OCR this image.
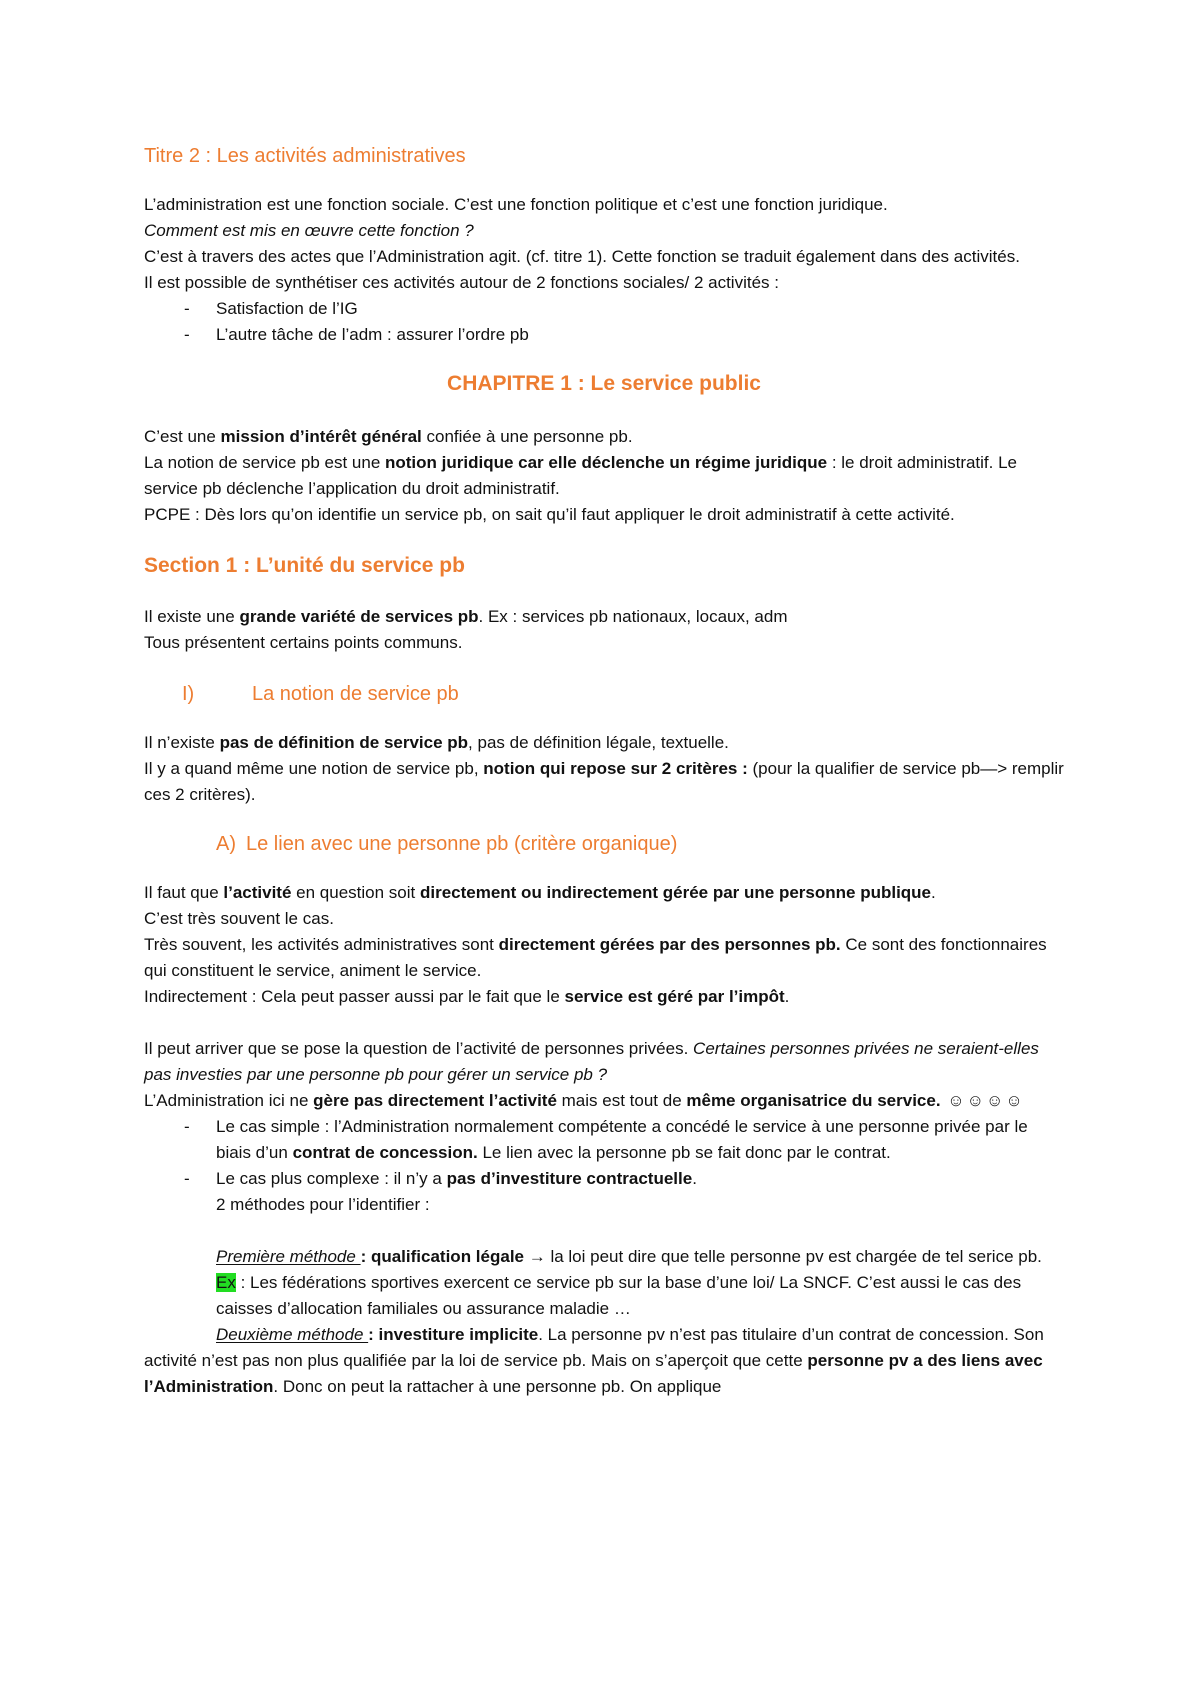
Titre 2 : Les activités administratives

L’administration est une fonction sociale. C’est une fonction politique et c’est une fonction juridique.

Comment est mis en œuvre cette fonction ?

C’est à travers des actes que l’Administration agit. (cf. titre 1). Cette fonction se traduit également dans des activités.

Il est possible de synthétiser ces activités autour de 2 fonctions sociales/ 2 activités :

- Satisfaction de l’IG
- L’autre tâche de l’adm : assurer l’ordre pb

CHAPITRE 1 : Le service public

C’est une mission d’intérêt général confiée à une personne pb.

La notion de service pb est une notion juridique car elle déclenche un régime juridique : le droit administratif. Le service pb déclenche l’application du droit administratif.

PCPE : Dès lors qu’on identifie un service pb, on sait qu’il faut appliquer le droit administratif à cette activité.

Section 1 : L’unité du service pb

Il existe une grande variété de services pb. Ex : services pb nationaux, locaux, adm

Tous présentent certains points communs.

I)	La notion de service pb

Il n’existe pas de définition de service pb, pas de définition légale, textuelle.

Il y a quand même une notion de service pb, notion qui repose sur 2 critères : (pour la qualifier de service pb—> remplir ces 2 critères).

A) Le lien avec une personne pb (critère organique)

Il faut que l’activité en question soit directement ou indirectement gérée par une personne publique.

C’est très souvent le cas.

Très souvent, les activités administratives sont directement gérées par des personnes pb. Ce sont des fonctionnaires qui constituent le service, animent le service.

Indirectement : Cela peut passer aussi par le fait que le service est géré par l’impôt.

Il peut arriver que se pose la question de l’activité de personnes privées. Certaines personnes privées ne seraient-elles pas investies par une personne pb pour gérer un service pb ?

L’Administration ici ne gère pas directement l’activité mais est tout de même organisatrice du service. ☺☺☺☺

- Le cas simple : l’Administration normalement compétente a concédé le service à une personne privée par le biais d’un contrat de concession. Le lien avec la personne pb se fait donc par le contrat.
- Le cas plus complexe : il n’y a pas d’investiture contractuelle.
2 méthodes pour l’identifier :

Première méthode : qualification légale → la loi peut dire que telle personne pv est chargée de tel serice pb. Ex : Les fédérations sportives exercent ce service pb sur la base d’une loi/ La SNCF. C’est aussi le cas des caisses d’allocation familiales ou assurance maladie …

Deuxième méthode : investiture implicite. La personne pv n’est pas titulaire d’un contrat de concession. Son activité n’est pas non plus qualifiée par la loi de service pb. Mais on s’aperçoit que cette personne pv a des liens avec l’Administration. Donc on peut la rattacher à une personne pb. On applique
